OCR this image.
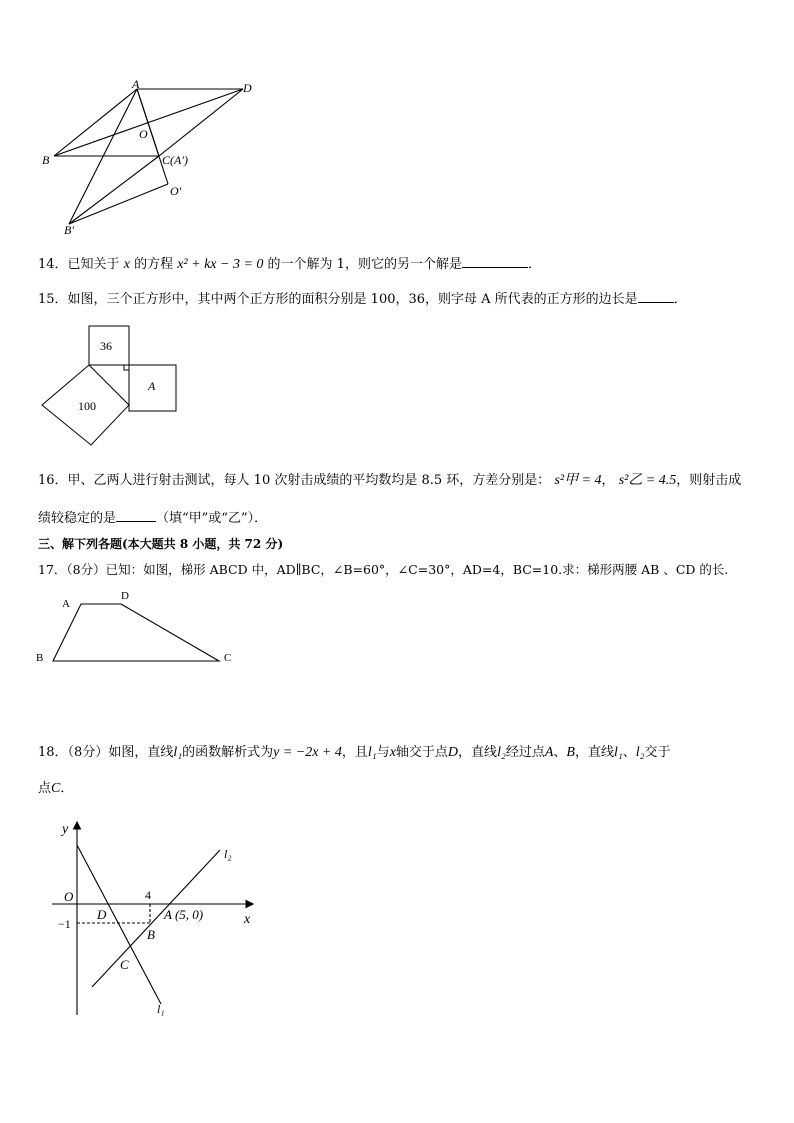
A	D
O
B	C(A′)
O′
B′
14．已知关于 x 的方程 x² + kx − 3 = 0 的一个解为 1，则它的另一个解是	．
15．如图，三个正方形中，其中两个正方形的面积分别是 100，36，则字母 A 所代表的正方形的边长是	．
36
100
A
16．甲、乙两人进行射击测试，每人 10 次射击成绩的平均数均是 8.5 环，方差分别是： s²甲 = 4， s²乙 = 4.5，则射击成
绩较稳定的是	（填“甲”或“乙”）．
三、解下列各题(本大题共 8 小题，共 72 分)
17．（8分）已知：如图，梯形 ABCD 中，AD∥BC，∠B=60°，∠C=30°，AD=4，BC=10.求：梯形两腰 AB 、CD 的长.
A
D
B	C
18．（8分）如图，直线l₁的函数解析式为y = −2x + 4，且l₁与x轴交于点D，直线l₂经过点A、B，直线l₁、l₂交于
点C．
y
x
O	4
−1
D	A (5, 0)
B
C
l₁
l₂
